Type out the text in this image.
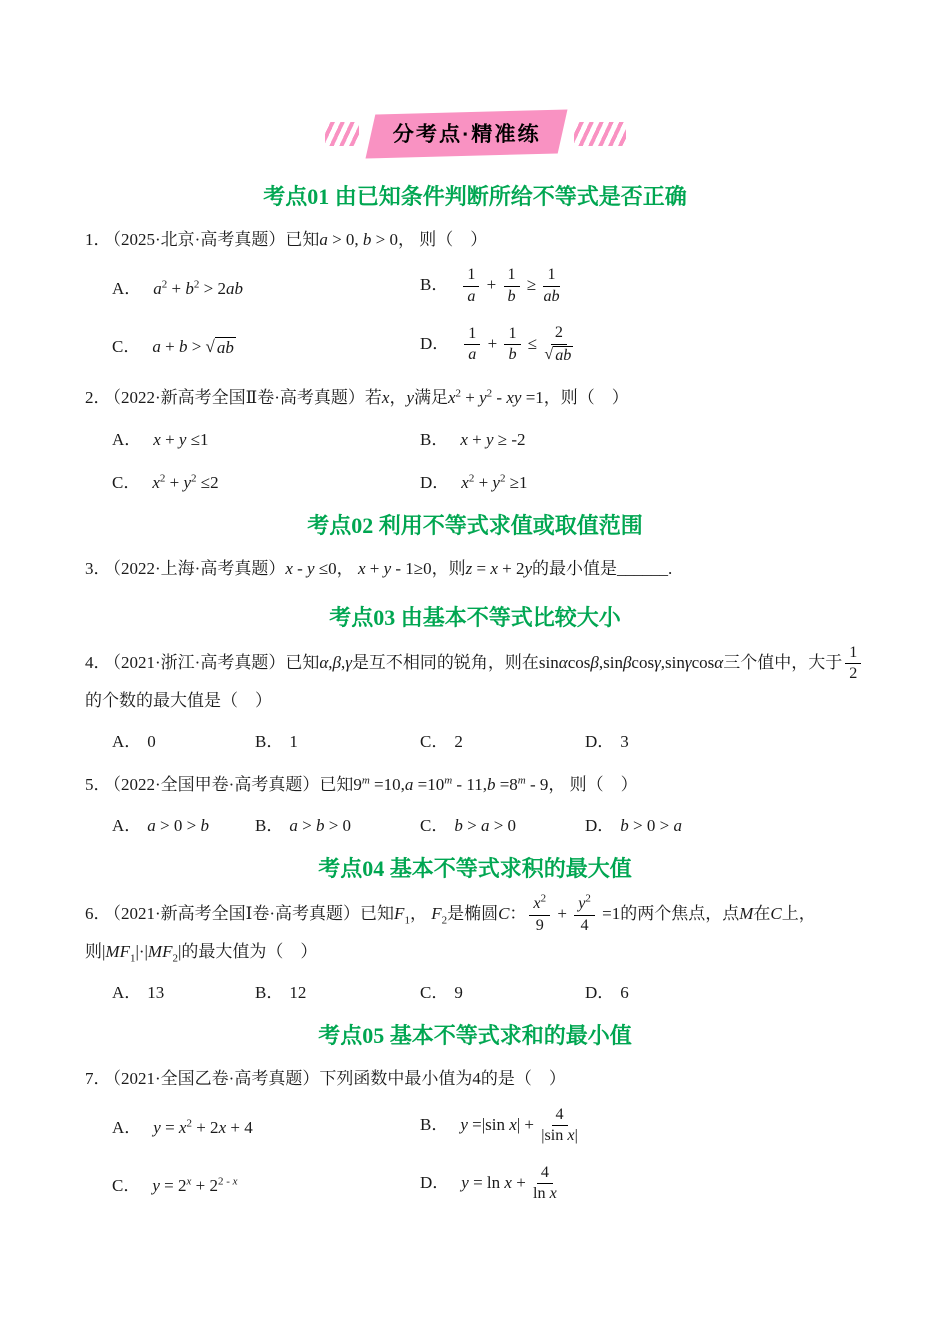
分考点·精准练
考点01 由已知条件判断所给不等式是否正确
1． （2025·北京·高考真题）已知a > 0, b > 0， 则（　）
A． $a^2 + b^2 > 2ab$	B． $\frac{1}{a} + \frac{1}{b} \ge \frac{1}{ab}$
C． a + b > √ ab	D． $\frac{1}{a} + \frac{1}{b} \le 2$
√ ab
2． （2022·新高考全国Ⅱ卷·高考真题）若x，y满足$x^2 + y^2$ - xy =1，则（　）
A． x + y ≤1	B． x + y ≥ -2
C． $x^2 + y^2 \le 2$	D． $x^2 + y^2 \ge 1$
考点02 利用不等式求值或取值范围
3． （2022·上海·高考真题）x - y ≤0， x + y - 1≥0，则z = x + 2y的最小值是______.
考点03 由基本不等式比较大小
4． （2021·浙江·高考真题）已知α,β,γ是互不相同的锐角，则在sinαcosβ,sinβcosγ,sinγcosα三个值中，大于 $\frac{1}{2}$
的个数的最大值是（　）
A． 0	B． 1	C． 2	D． 3
5． （2022·全国甲卷·高考真题）已知$9^m =10,a =10^m - 11,b =8^m - 9$， 则（　）
A． a > 0 > b	B． a > b > 0	C． b > a > 0	D． b > 0 > a
考点04 基本不等式求积的最大值
6． （2021·新高考全国Ⅰ卷·高考真题）已知$F_1$， $F_2$是椭圆C： $\frac{x^2}{9} + \frac{y^2}{4} =1$的两个焦点，点M在C上，则$|MF_1|\cdot|MF_2|$的最大值为（　）
A． 13	B． 12	C． 9	D． 6
考点05 基本不等式求和的最小值
7． （2021·全国乙卷·高考真题）下列函数中最小值为4的是（　）
A． $y = x^2 + 2x + 4$	B． y =|sin $x| + \frac{4}{\text{|sin x|}}$
C． $y = 2^x + 2^{2 - x}$	D． $y = \ln x + \frac{4}{\text{ln x}}$
